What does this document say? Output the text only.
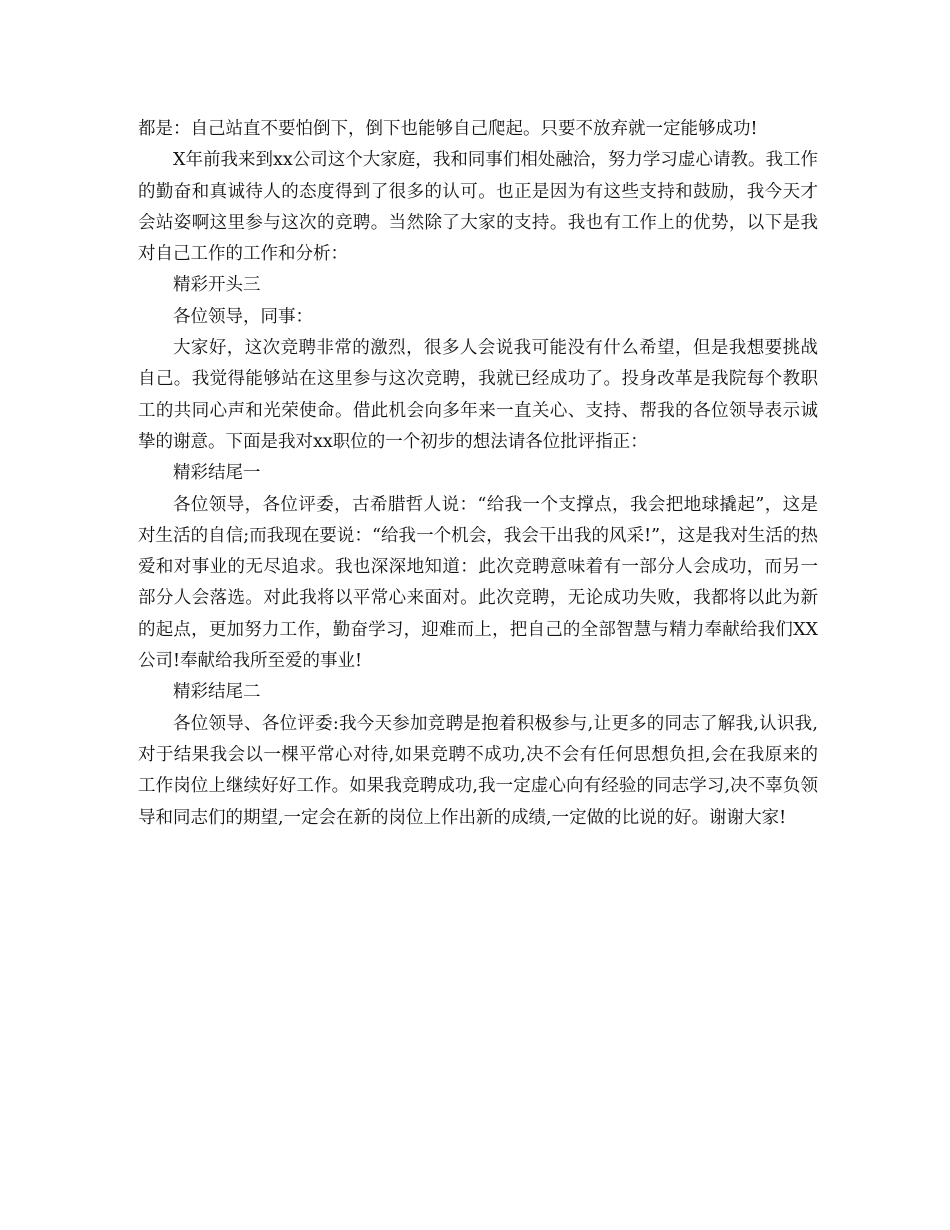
都是：自己站直不要怕倒下，倒下也能够自己爬起。只要不放弃就一定能够成功!

X年前我来到xx公司这个大家庭，我和同事们相处融洽，努力学习虚心请教。我工作的勤奋和真诚待人的态度得到了很多的认可。也正是因为有这些支持和鼓励，我今天才会站姿啊这里参与这次的竞聘。当然除了大家的支持。我也有工作上的优势，以下是我对自己工作的工作和分析：

精彩开头三

各位领导，同事：

大家好，这次竞聘非常的激烈，很多人会说我可能没有什么希望，但是我想要挑战自己。我觉得能够站在这里参与这次竞聘，我就已经成功了。投身改革是我院每个教职工的共同心声和光荣使命。借此机会向多年来一直关心、支持、帮我的各位领导表示诚挚的谢意。下面是我对xx职位的一个初步的想法请各位批评指正：

精彩结尾一

各位领导，各位评委，古希腊哲人说：“给我一个支撑点，我会把地球撬起”，这是对生活的自信;而我现在要说：“给我一个机会，我会干出我的风采!”，这是我对生活的热爱和对事业的无尽追求。我也深深地知道：此次竞聘意味着有一部分人会成功，而另一部分人会落选。对此我将以平常心来面对。此次竞聘，无论成功失败，我都将以此为新的起点，更加努力工作，勤奋学习，迎难而上，把自己的全部智慧与精力奉献给我们XX公司!奉献给我所至爱的事业!

精彩结尾二

各位领导、各位评委:我今天参加竞聘是抱着积极参与,让更多的同志了解我,认识我,对于结果我会以一棵平常心对待,如果竞聘不成功,决不会有任何思想负担,会在我原来的工作岗位上继续好好工作。如果我竞聘成功,我一定虚心向有经验的同志学习,决不辜负领导和同志们的期望,一定会在新的岗位上作出新的成绩,一定做的比说的好。谢谢大家!
